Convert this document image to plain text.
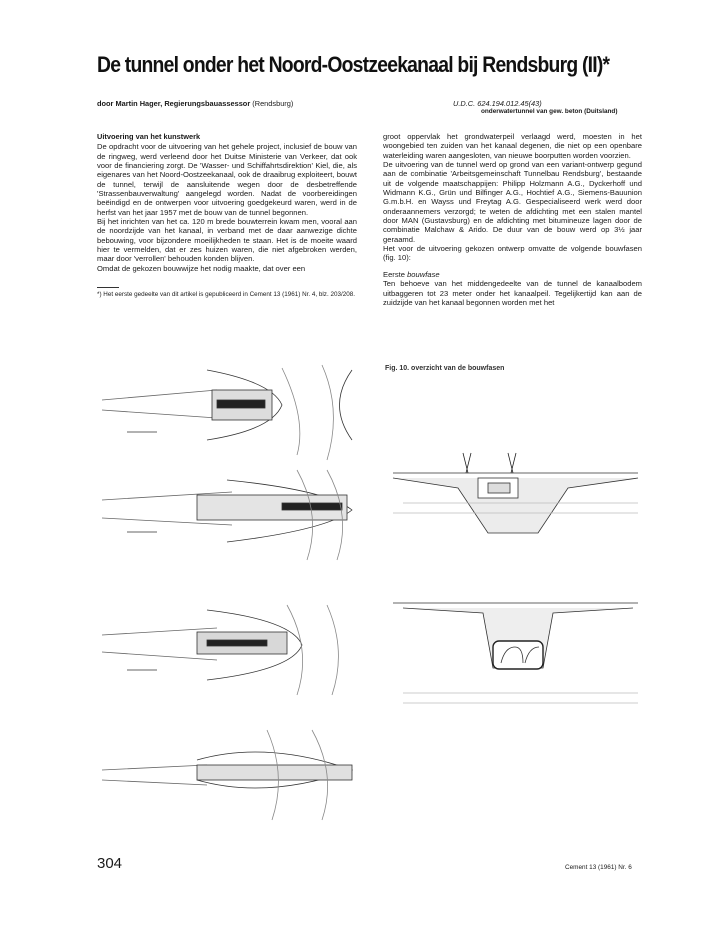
De tunnel onder het Noord-Oostzeekanaal bij Rendsburg (II)*
door Martin Hager, Regierungsbauassessor (Rendsburg)	U.D.C. 624.194.012.45(43)
onderwatertunnel van gew. beton (Duitsland)

Uitvoering van het kunstwerk

De opdracht voor de uitvoering van het gehele project, inclusief de bouw van de ringweg, werd verleend door het Duitse Ministerie van Verkeer, dat ook voor de financiering zorgt. De 'Wasser- und Schiffahrtsdirektion' Kiel, die, als eigenares van het Noord-Oostzeekanaal, ook de draaibrug exploiteert, bouwt de tunnel, terwijl de aansluitende wegen door de desbetreffende 'Strassenbauverwaltung' aangelegd worden. Nadat de voorbereidingen beëindigd en de ontwerpen voor uitvoering goedgekeurd waren, werd in de herfst van het jaar 1957 met de bouw van de tunnel begonnen.

Bij het inrichten van het ca. 120 m brede bouwterrein kwam men, vooral aan de noordzijde van het kanaal, in verband met de daar aanwezige dichte bebouwing, voor bijzondere moeilijkheden te staan. Het is de moeite waard hier te vermelden, dat er zes huizen waren, die niet afgebroken werden, maar door 'verrollen' behouden konden blijven.

Omdat de gekozen bouwwijze het nodig maakte, dat over een

*) Het eerste gedeelte van dit artikel is gepubliceerd in Cement 13 (1961) Nr. 4, blz. 203/208.

groot oppervlak het grondwaterpeil verlaagd werd, moesten in het woongebied ten zuiden van het kanaal degenen, die niet op een openbare waterleiding waren aangesloten, van nieuwe boorputten worden voorzien.

De uitvoering van de tunnel werd op grond van een variant-ontwerp gegund aan de combinatie 'Arbeitsgemeinschaft Tunnelbau Rendsburg', bestaande uit de volgende maatschappijen: Philipp Holzmann A.G., Dyckerhoff und Widmann K.G., Grün und Bilfinger A.G., Hochtief A.G., Siemens-Bauunion G.m.b.H. en Wayss und Freytag A.G. Gespecialiseerd werk werd door onderaannemers verzorgd; te weten de afdichting met een stalen mantel door MAN (Gustavsburg) en de afdichting met bitumineuze lagen door de combinatie Malchaw & Arido. De duur van de bouw werd op 3½ jaar geraamd.

Het voor de uitvoering gekozen ontwerp omvatte de volgende bouwfasen (fig. 10):

Eerste bouwfase

Ten behoeve van het middengedeelte van de tunnel de kanaalbodem uitbaggeren tot 23 meter onder het kanaalpeil. Tegelijkertijd kan aan de zuidzijde van het kanaal begonnen worden met het

Fig. 10. overzicht van de bouwfasen
304	Cement 13 (1961) Nr. 6
